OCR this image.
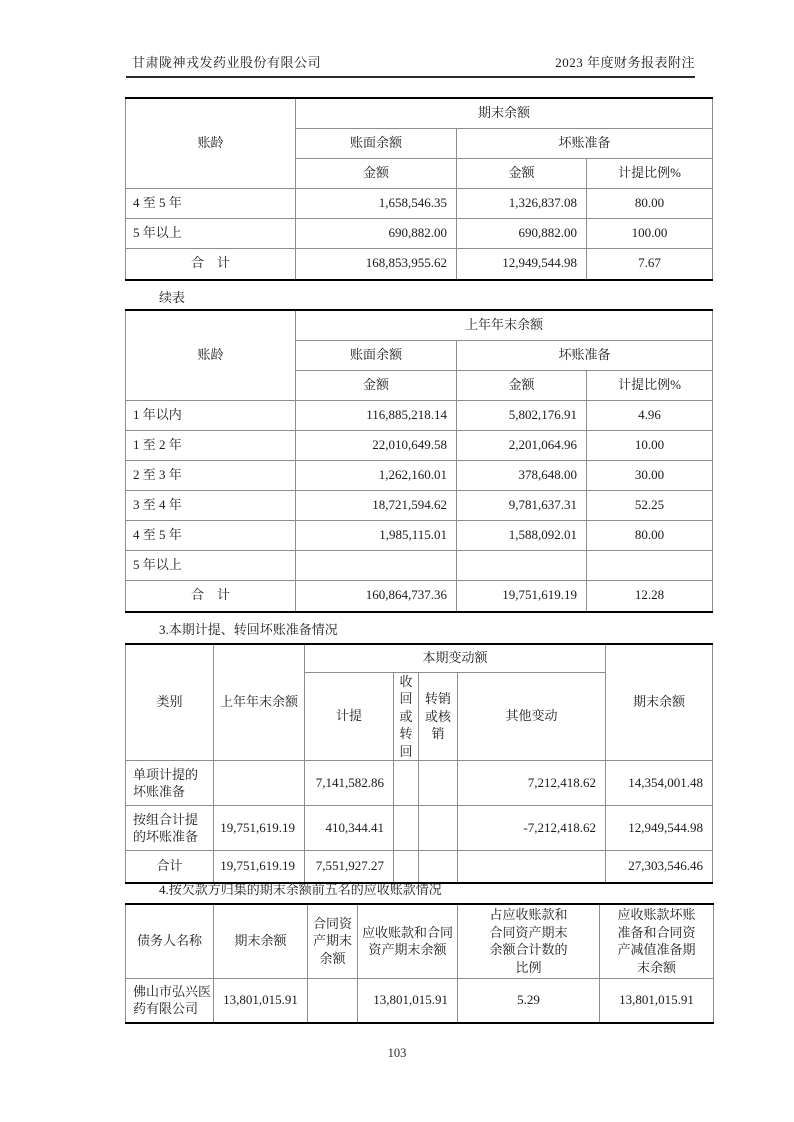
甘肃陇神戎发药业股份有限公司	2023 年度财务报表附注
账龄	期末余额		
	账面余额	坏账准备	
	金额	金额	计提比例%
4 至 5 年	1,658,546.35	1,326,837.08	80.00
5 年以上	690,882.00	690,882.00	100.00
合　计	168,853,955.62	12,949,544.98	7.67
续表
账龄	上年年末余额		
	账面余额	坏账准备	
	金额	金额	计提比例%
1 年以内	116,885,218.14	5,802,176.91	4.96
1 至 2 年	22,010,649.58	2,201,064.96	10.00
2 至 3 年	1,262,160.01	378,648.00	30.00
3 至 4 年	18,721,594.62	9,781,637.31	52.25
4 至 5 年	1,985,115.01	1,588,092.01	80.00
5 年以上			
合　计	160,864,737.36	19,751,619.19	12.28
3.本期计提、转回坏账准备情况
类别	上年年末余额	本期变动额				期末余额
		计提	收回或转回	转销或核销	其他变动	
单项计提的坏账准备		7,141,582.86			7,212,418.62	14,354,001.48
按组合计提的坏账准备	19,751,619.19	410,344.41			-7,212,418.62	12,949,544.98
合计	19,751,619.19	7,551,927.27				27,303,546.46
4.按欠款方归集的期末余额前五名的应收账款情况
债务人名称	期末余额	合同资产期末余额	应收账款和合同资产期末余额	占应收账款和合同资产期末余额合计数的比例	应收账款坏账准备和合同资产减值准备期末余额
佛山市弘兴医药有限公司	13,801,015.91		13,801,015.91	5.29	13,801,015.91
103
